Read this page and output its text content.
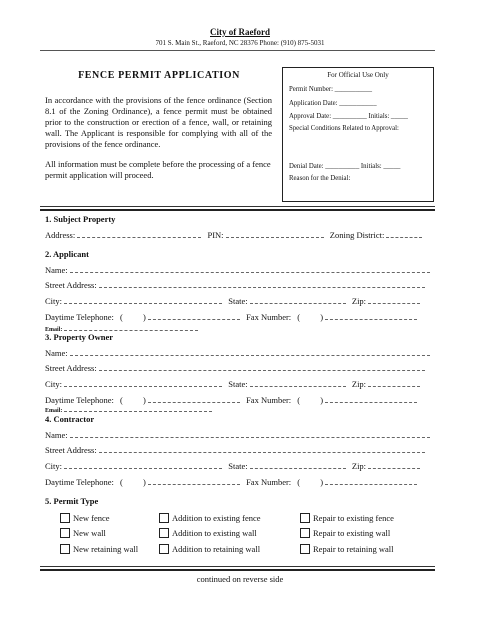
City of Raeford
701 S. Main St., Raeford, NC 28376 Phone: (910) 875-5031
FENCE PERMIT APPLICATION
In accordance with the provisions of the fence ordinance (Section 8.1 of the Zoning Ordinance), a fence permit must be obtained prior to the construction or erection of a fence, wall, or retaining wall. The Applicant is responsible for complying with all of the provisions of the fence ordinance.
All information must be complete before the processing of a fence permit application will proceed.
For Official Use Only
Permit Number: ___________
Application Date: ___________
Approval Date: __________ Initials: _____
Special Conditions Related to Approval:
Denial Date: __________ Initials: _____
Reason for the Denial:
1. Subject Property
Address:	PIN:	Zoning District:
2. Applicant
Name:
Street Address:
City:	State:	Zip:
Daytime Telephone: ( )	Fax Number: ( )
Email:
3. Property Owner
Name:
Street Address:
City:	State:	Zip:
Daytime Telephone: ( )	Fax Number: ( )
Email:
4. Contractor
Name:
Street Address:
City:	State:	Zip:
Daytime Telephone: ( )	Fax Number: ( )
5. Permit Type
New fence	Addition to existing fence	Repair to existing fence
New wall	Addition to existing wall	Repair to existing wall
New retaining wall	Addition to retaining wall	Repair to retaining wall
continued on reverse side
